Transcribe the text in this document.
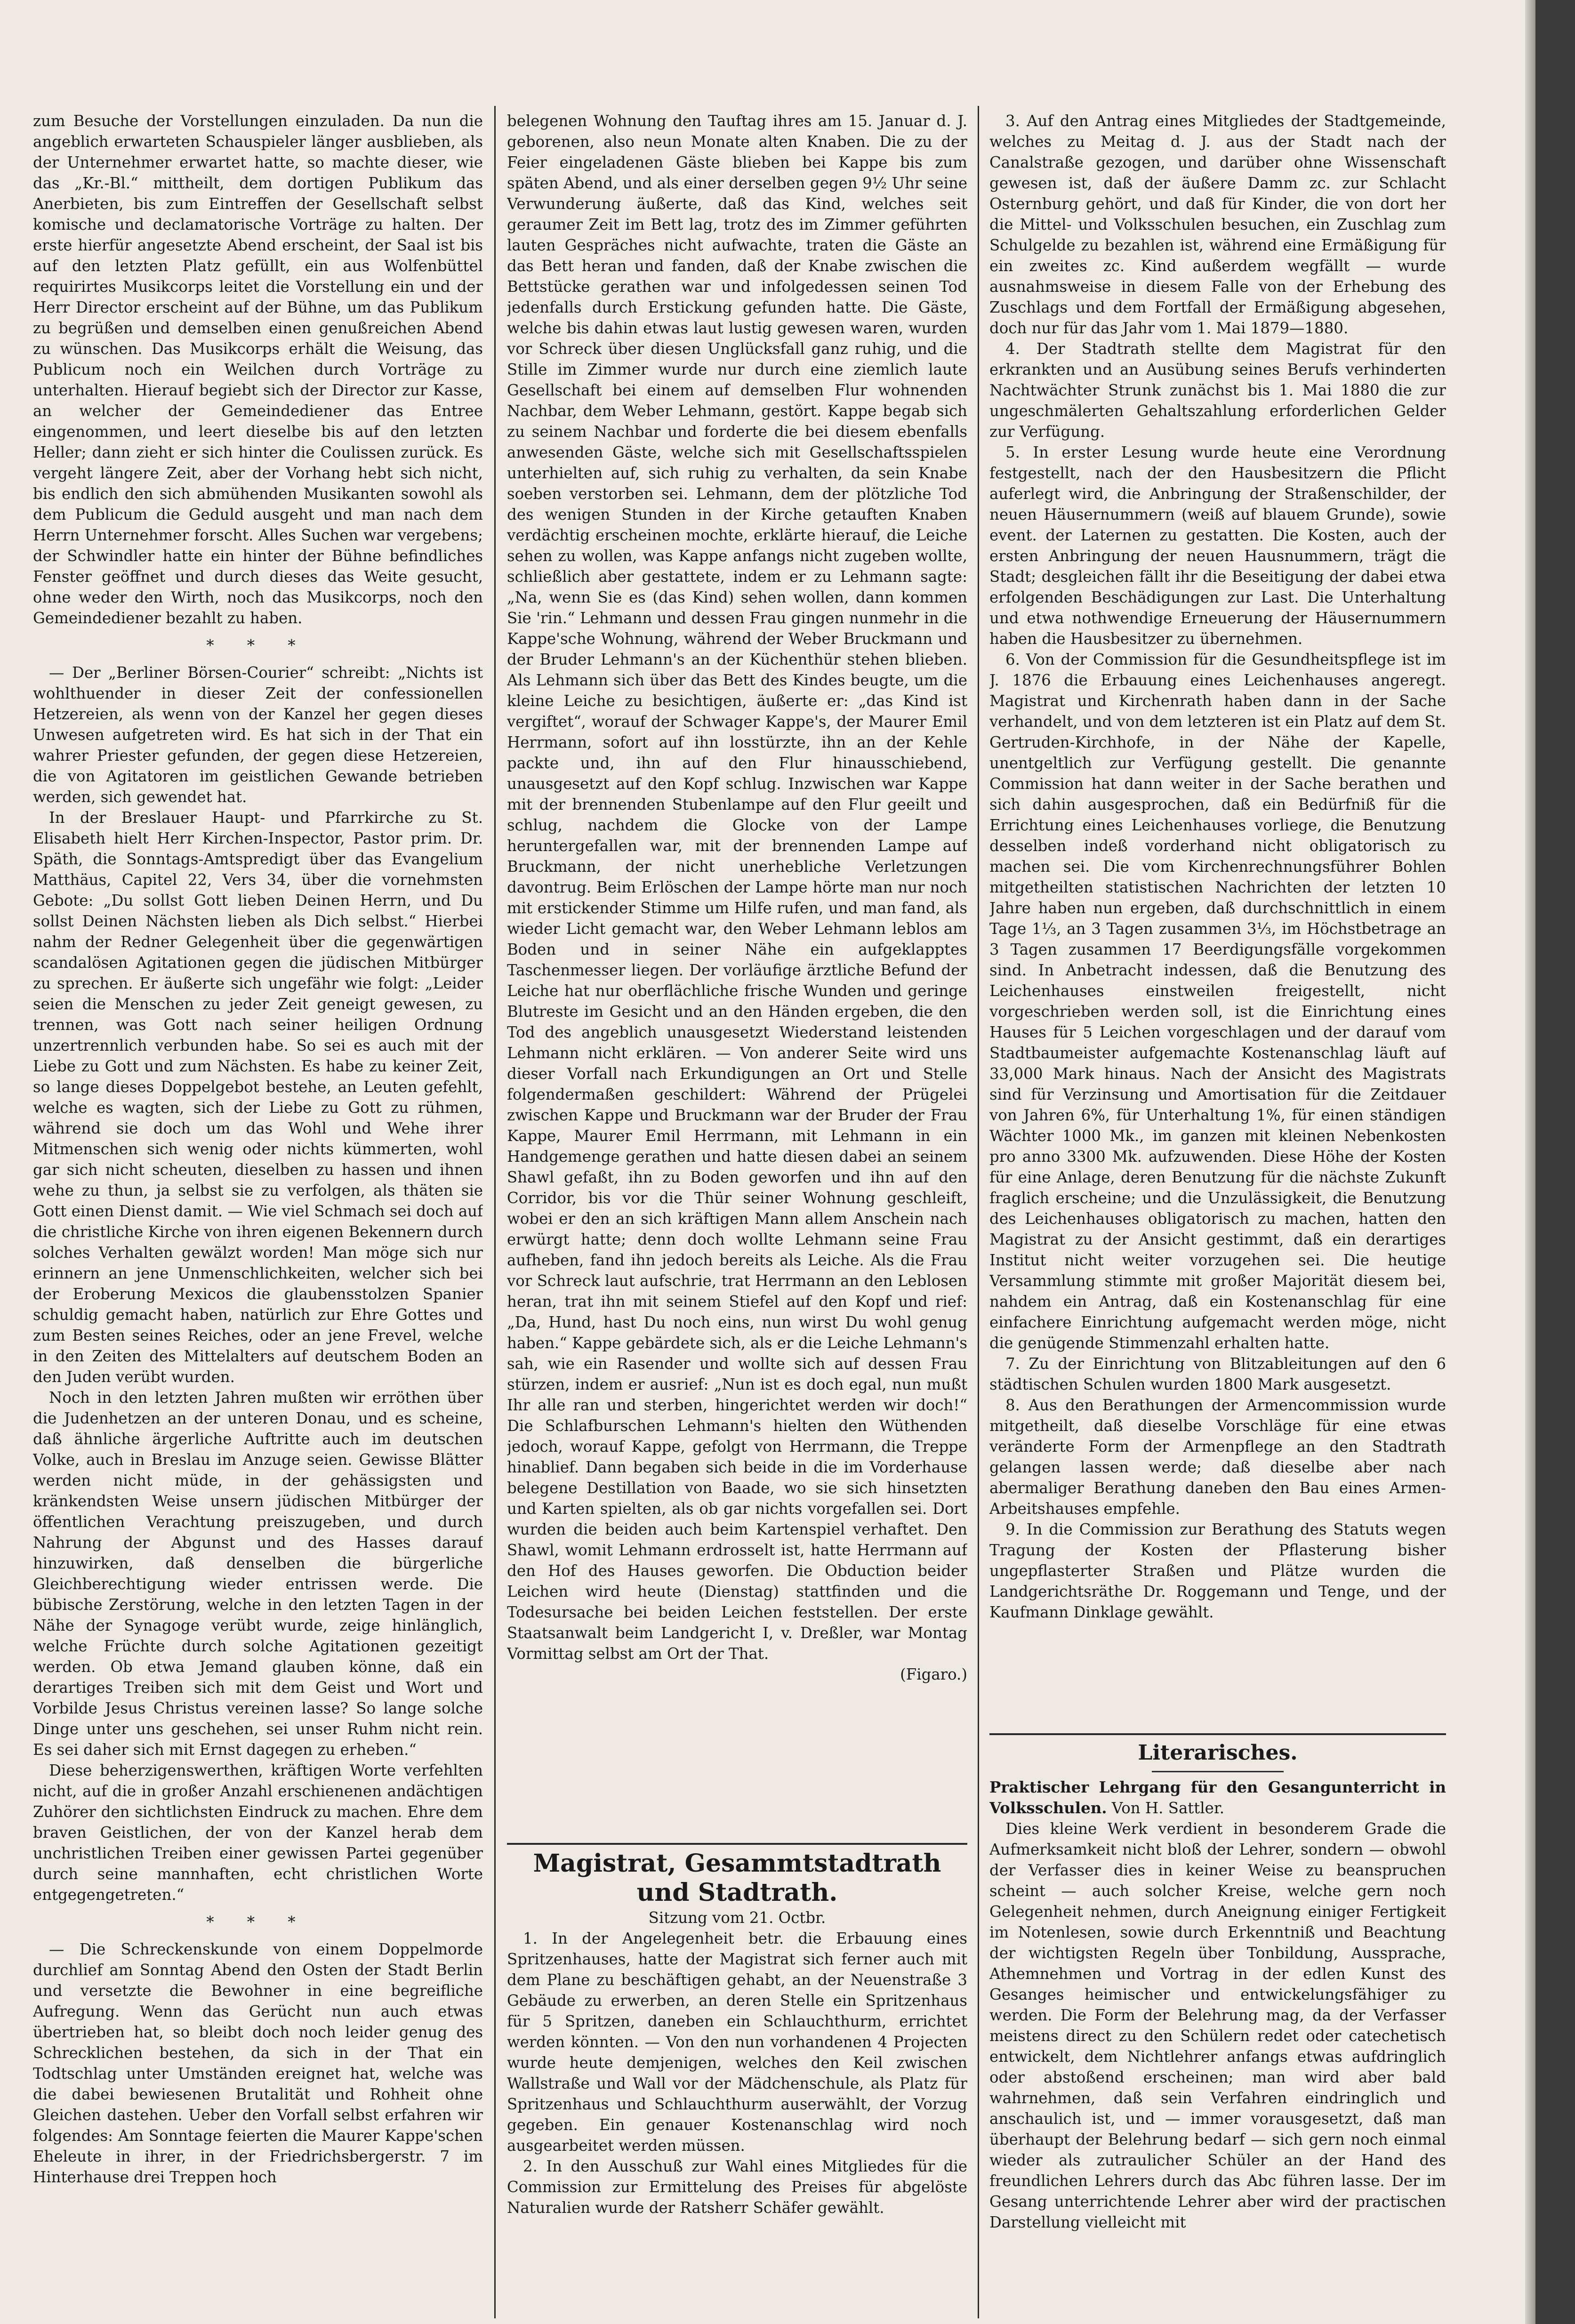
zum Besuche der Vorstellungen einzuladen. Da nun die angeblich erwarteten Schauspieler länger ausblieben, als der Unternehmer erwartet hatte, so machte dieser, wie das „Kr.-Bl.“ mittheilt, dem dortigen Publikum das Anerbieten, bis zum Eintreffen der Gesellschaft selbst komische und declamatorische Vorträge zu halten. Der erste hierfür angesetzte Abend erscheint, der Saal ist bis auf den letzten Platz gefüllt, ein aus Wolfenbüttel requirirtes Musikcorps leitet die Vorstellung ein und der Herr Director erscheint auf der Bühne, um das Publikum zu begrüßen und demselben einen genußreichen Abend zu wünschen. Das Musikcorps erhält die Weisung, das Publicum noch ein Weilchen durch Vorträge zu unterhalten. Hierauf begiebt sich der Director zur Kasse, an welcher der Gemeindediener das Entree eingenommen, und leert dieselbe bis auf den letzten Heller; dann zieht er sich hinter die Coulissen zurück. Es vergeht längere Zeit, aber der Vorhang hebt sich nicht, bis endlich den sich abmühenden Musikanten sowohl als dem Publicum die Geduld ausgeht und man nach dem Herrn Unternehmer forscht. Alles Suchen war vergebens; der Schwindler hatte ein hinter der Bühne befindliches Fenster geöffnet und durch dieses das Weite gesucht, ohne weder den Wirth, noch das Musikcorps, noch den Gemeindediener bezahlt zu haben.

* * *

— Der „Berliner Börsen-Courier“ schreibt: „Nichts ist wohlthuender in dieser Zeit der confessionellen Hetzereien, als wenn von der Kanzel her gegen dieses Unwesen aufgetreten wird. Es hat sich in der That ein wahrer Priester gefunden, der gegen diese Hetzereien, die von Agitatoren im geistlichen Gewande betrieben werden, sich gewendet hat.

In der Breslauer Haupt- und Pfarrkirche zu St. Elisabeth hielt Herr Kirchen-Inspector, Pastor prim. Dr. Späth, die Sonntags-Amtspredigt über das Evangelium Matthäus, Capitel 22, Vers 34, über die vornehmsten Gebote: „Du sollst Gott lieben Deinen Herrn, und Du sollst Deinen Nächsten lieben als Dich selbst.“ Hierbei nahm der Redner Gelegenheit über die gegenwärtigen scandalösen Agitationen gegen die jüdischen Mitbürger zu sprechen. Er äußerte sich ungefähr wie folgt: „Leider seien die Menschen zu jeder Zeit geneigt gewesen, zu trennen, was Gott nach seiner heiligen Ordnung unzertrennlich verbunden habe. So sei es auch mit der Liebe zu Gott und zum Nächsten. Es habe zu keiner Zeit, so lange dieses Doppelgebot bestehe, an Leuten gefehlt, welche es wagten, sich der Liebe zu Gott zu rühmen, während sie doch um das Wohl und Wehe ihrer Mitmenschen sich wenig oder nichts kümmerten, wohl gar sich nicht scheuten, dieselben zu hassen und ihnen wehe zu thun, ja selbst sie zu verfolgen, als thäten sie Gott einen Dienst damit. — Wie viel Schmach sei doch auf die christliche Kirche von ihren eigenen Bekennern durch solches Verhalten gewälzt worden! Man möge sich nur erinnern an jene Unmenschlichkeiten, welcher sich bei der Eroberung Mexicos die glaubensstolzen Spanier schuldig gemacht haben, natürlich zur Ehre Gottes und zum Besten seines Reiches, oder an jene Frevel, welche in den Zeiten des Mittelalters auf deutschem Boden an den Juden verübt wurden.

Noch in den letzten Jahren mußten wir erröthen über die Judenhetzen an der unteren Donau, und es scheine, daß ähnliche ärgerliche Auftritte auch im deutschen Volke, auch in Breslau im Anzuge seien. Gewisse Blätter werden nicht müde, in der gehässigsten und kränkendsten Weise unsern jüdischen Mitbürger der öffentlichen Verachtung preiszugeben, und durch Nahrung der Abgunst und des Hasses darauf hinzuwirken, daß denselben die bürgerliche Gleichberechtigung wieder entrissen werde. Die bübische Zerstörung, welche in den letzten Tagen in der Nähe der Synagoge verübt wurde, zeige hinlänglich, welche Früchte durch solche Agitationen gezeitigt werden. Ob etwa Jemand glauben könne, daß ein derartiges Treiben sich mit dem Geist und Wort und Vorbilde Jesus Christus vereinen lasse? So lange solche Dinge unter uns geschehen, sei unser Ruhm nicht rein. Es sei daher sich mit Ernst dagegen zu erheben.“

Diese beherzigenswerthen, kräftigen Worte verfehlten nicht, auf die in großer Anzahl erschienenen andächtigen Zuhörer den sichtlichsten Eindruck zu machen. Ehre dem braven Geistlichen, der von der Kanzel herab dem unchristlichen Treiben einer gewissen Partei gegenüber durch seine mannhaften, echt christlichen Worte entgegengetreten.“

* * *

— Die Schreckenskunde von einem Doppelmorde durchlief am Sonntag Abend den Osten der Stadt Berlin und versetzte die Bewohner in eine begreifliche Aufregung. Wenn das Gerücht nun auch etwas übertrieben hat, so bleibt doch noch leider genug des Schrecklichen bestehen, da sich in der That ein Todtschlag unter Umständen ereignet hat, welche was die dabei bewiesenen Brutalität und Rohheit ohne Gleichen dastehen. Ueber den Vorfall selbst erfahren wir folgendes: Am Sonntage feierten die Maurer Kappe'schen Eheleute in ihrer, in der Friedrichsbergerstr. 7 im Hinterhause drei Treppen hoch

belegenen Wohnung den Tauftag ihres am 15. Januar d. J. geborenen, also neun Monate alten Knaben. Die zu der Feier eingeladenen Gäste blieben bei Kappe bis zum späten Abend, und als einer derselben gegen 9½ Uhr seine Verwunderung äußerte, daß das Kind, welches seit geraumer Zeit im Bett lag, trotz des im Zimmer geführten lauten Gespräches nicht aufwachte, traten die Gäste an das Bett heran und fanden, daß der Knabe zwischen die Bettstücke gerathen war und infolgedessen seinen Tod jedenfalls durch Erstickung gefunden hatte. Die Gäste, welche bis dahin etwas laut lustig gewesen waren, wurden vor Schreck über diesen Unglücksfall ganz ruhig, und die Stille im Zimmer wurde nur durch eine ziemlich laute Gesellschaft bei einem auf demselben Flur wohnenden Nachbar, dem Weber Lehmann, gestört. Kappe begab sich zu seinem Nachbar und forderte die bei diesem ebenfalls anwesenden Gäste, welche sich mit Gesellschaftsspielen unterhielten auf, sich ruhig zu verhalten, da sein Knabe soeben verstorben sei. Lehmann, dem der plötzliche Tod des wenigen Stunden in der Kirche getauften Knaben verdächtig erscheinen mochte, erklärte hierauf, die Leiche sehen zu wollen, was Kappe anfangs nicht zugeben wollte, schließlich aber gestattete, indem er zu Lehmann sagte: „Na, wenn Sie es (das Kind) sehen wollen, dann kommen Sie 'rin.“ Lehmann und dessen Frau gingen nunmehr in die Kappe'sche Wohnung, während der Weber Bruckmann und der Bruder Lehmann's an der Küchenthür stehen blieben. Als Lehmann sich über das Bett des Kindes beugte, um die kleine Leiche zu besichtigen, äußerte er: „das Kind ist vergiftet“, worauf der Schwager Kappe's, der Maurer Emil Herrmann, sofort auf ihn losstürzte, ihn an der Kehle packte und, ihn auf den Flur hinausschiebend, unausgesetzt auf den Kopf schlug. Inzwischen war Kappe mit der brennenden Stubenlampe auf den Flur geeilt und schlug, nachdem die Glocke von der Lampe heruntergefallen war, mit der brennenden Lampe auf Bruckmann, der nicht unerhebliche Verletzungen davontrug. Beim Erlöschen der Lampe hörte man nur noch mit erstickender Stimme um Hilfe rufen, und man fand, als wieder Licht gemacht war, den Weber Lehmann leblos am Boden und in seiner Nähe ein aufgeklapptes Taschenmesser liegen. Der vorläufige ärztliche Befund der Leiche hat nur oberflächliche frische Wunden und geringe Blutreste im Gesicht und an den Händen ergeben, die den Tod des angeblich unausgesetzt Wiederstand leistenden Lehmann nicht erklären. — Von anderer Seite wird uns dieser Vorfall nach Erkundigungen an Ort und Stelle folgendermaßen geschildert: Während der Prügelei zwischen Kappe und Bruckmann war der Bruder der Frau Kappe, Maurer Emil Herrmann, mit Lehmann in ein Handgemenge gerathen und hatte diesen dabei an seinem Shawl gefaßt, ihn zu Boden geworfen und ihn auf den Corridor, bis vor die Thür seiner Wohnung geschleift, wobei er den an sich kräftigen Mann allem Anschein nach erwürgt hatte; denn doch wollte Lehmann seine Frau aufheben, fand ihn jedoch bereits als Leiche. Als die Frau vor Schreck laut aufschrie, trat Herrmann an den Leblosen heran, trat ihn mit seinem Stiefel auf den Kopf und rief: „Da, Hund, hast Du noch eins, nun wirst Du wohl genug haben.“ Kappe gebärdete sich, als er die Leiche Lehmann's sah, wie ein Rasender und wollte sich auf dessen Frau stürzen, indem er ausrief: „Nun ist es doch egal, nun mußt Ihr alle ran und sterben, hingerichtet werden wir doch!“ Die Schlafburschen Lehmann's hielten den Wüthenden jedoch, worauf Kappe, gefolgt von Herrmann, die Treppe hinablief. Dann begaben sich beide in die im Vorderhause belegene Destillation von Baade, wo sie sich hinsetzten und Karten spielten, als ob gar nichts vorgefallen sei. Dort wurden die beiden auch beim Kartenspiel verhaftet. Den Shawl, womit Lehmann erdrosselt ist, hatte Herrmann auf den Hof des Hauses geworfen. Die Obduction beider Leichen wird heute (Dienstag) stattfinden und die Todesursache bei beiden Leichen feststellen. Der erste Staatsanwalt beim Landgericht I, v. Dreßler, war Montag Vormittag selbst am Ort der That.

(Figaro.)
Magistrat, Gesammtstadtrath und Stadtrath.
Sitzung vom 21. Octbr.

1. In der Angelegenheit betr. die Erbauung eines Spritzenhauses, hatte der Magistrat sich ferner auch mit dem Plane zu beschäftigen gehabt, an der Neuenstraße 3 Gebäude zu erwerben, an deren Stelle ein Spritzenhaus für 5 Spritzen, daneben ein Schlauchthurm, errichtet werden könnten. — Von den nun vorhandenen 4 Projecten wurde heute demjenigen, welches den Keil zwischen Wallstraße und Wall vor der Mädchenschule, als Platz für Spritzenhaus und Schlauchthurm auserwählt, der Vorzug gegeben. Ein genauer Kostenanschlag wird noch ausgearbeitet werden müssen.

2. In den Ausschuß zur Wahl eines Mitgliedes für die Commission zur Ermittelung des Preises für abgelöste Naturalien wurde der Ratsherr Schäfer gewählt.

3. Auf den Antrag eines Mitgliedes der Stadtgemeinde, welches zu Meitag d. J. aus der Stadt nach der Canalstraße gezogen, und darüber ohne Wissenschaft gewesen ist, daß der äußere Damm zc. zur Schlacht Osternburg gehört, und daß für Kinder, die von dort her die Mittel- und Volksschulen besuchen, ein Zuschlag zum Schulgelde zu bezahlen ist, während eine Ermäßigung für ein zweites zc. Kind außerdem wegfällt — wurde ausnahmsweise in diesem Falle von der Erhebung des Zuschlags und dem Fortfall der Ermäßigung abgesehen, doch nur für das Jahr vom 1. Mai 1879—1880.

4. Der Stadtrath stellte dem Magistrat für den erkrankten und an Ausübung seines Berufs verhinderten Nachtwächter Strunk zunächst bis 1. Mai 1880 die zur ungeschmälerten Gehaltszahlung erforderlichen Gelder zur Verfügung.

5. In erster Lesung wurde heute eine Verordnung festgestellt, nach der den Hausbesitzern die Pflicht auferlegt wird, die Anbringung der Straßenschilder, der neuen Häusernummern (weiß auf blauem Grunde), sowie event. der Laternen zu gestatten. Die Kosten, auch der ersten Anbringung der neuen Hausnummern, trägt die Stadt; desgleichen fällt ihr die Beseitigung der dabei etwa erfolgenden Beschädigungen zur Last. Die Unterhaltung und etwa nothwendige Erneuerung der Häusernummern haben die Hausbesitzer zu übernehmen.

6. Von der Commission für die Gesundheitspflege ist im J. 1876 die Erbauung eines Leichenhauses angeregt. Magistrat und Kirchenrath haben dann in der Sache verhandelt, und von dem letzteren ist ein Platz auf dem St. Gertruden-Kirchhofe, in der Nähe der Kapelle, unentgeltlich zur Verfügung gestellt. Die genannte Commission hat dann weiter in der Sache berathen und sich dahin ausgesprochen, daß ein Bedürfniß für die Errichtung eines Leichenhauses vorliege, die Benutzung desselben indeß vorderhand nicht obligatorisch zu machen sei. Die vom Kirchenrechnungsführer Bohlen mitgetheilten statistischen Nachrichten der letzten 10 Jahre haben nun ergeben, daß durchschnittlich in einem Tage 1⅓, an 3 Tagen zusammen 3⅓, im Höchstbetrage an 3 Tagen zusammen 17 Beerdigungsfälle vorgekommen sind. In Anbetracht indessen, daß die Benutzung des Leichenhauses einstweilen freigestellt, nicht vorgeschrieben werden soll, ist die Einrichtung eines Hauses für 5 Leichen vorgeschlagen und der darauf vom Stadtbaumeister aufgemachte Kostenanschlag läuft auf 33,000 Mark hinaus. Nach der Ansicht des Magistrats sind für Verzinsung und Amortisation für die Zeitdauer von Jahren 6%, für Unterhaltung 1%, für einen ständigen Wächter 1000 Mk., im ganzen mit kleinen Nebenkosten pro anno 3300 Mk. aufzuwenden. Diese Höhe der Kosten für eine Anlage, deren Benutzung für die nächste Zukunft fraglich erscheine; und die Unzulässigkeit, die Benutzung des Leichenhauses obligatorisch zu machen, hatten den Magistrat zu der Ansicht gestimmt, daß ein derartiges Institut nicht weiter vorzugehen sei. Die heutige Versammlung stimmte mit großer Majorität diesem bei, nahdem ein Antrag, daß ein Kostenanschlag für eine einfachere Einrichtung aufgemacht werden möge, nicht die genügende Stimmenzahl erhalten hatte.

7. Zu der Einrichtung von Blitzableitungen auf den 6 städtischen Schulen wurden 1800 Mark ausgesetzt.

8. Aus den Berathungen der Armencommission wurde mitgetheilt, daß dieselbe Vorschläge für eine etwas veränderte Form der Armenpflege an den Stadtrath gelangen lassen werde; daß dieselbe aber nach abermaliger Berathung daneben den Bau eines Armen-Arbeitshauses empfehle.

9. In die Commission zur Berathung des Statuts wegen Tragung der Kosten der Pflasterung bisher ungepflasterter Straßen und Plätze wurden die Landgerichtsräthe Dr. Roggemann und Tenge, und der Kaufmann Dinklage gewählt.

Literarisches.

Praktischer Lehrgang für den Gesangunterricht in Volksschulen. Von H. Sattler.

Dies kleine Werk verdient in besonderem Grade die Aufmerksamkeit nicht bloß der Lehrer, sondern — obwohl der Verfasser dies in keiner Weise zu beanspruchen scheint — auch solcher Kreise, welche gern noch Gelegenheit nehmen, durch Aneignung einiger Fertigkeit im Notenlesen, sowie durch Erkenntniß und Beachtung der wichtigsten Regeln über Tonbildung, Aussprache, Athemnehmen und Vortrag in der edlen Kunst des Gesanges heimischer und entwickelungsfähiger zu werden. Die Form der Belehrung mag, da der Verfasser meistens direct zu den Schülern redet oder catechetisch entwickelt, dem Nichtlehrer anfangs etwas aufdringlich oder abstoßend erscheinen; man wird aber bald wahrnehmen, daß sein Verfahren eindringlich und anschaulich ist, und — immer vorausgesetzt, daß man überhaupt der Belehrung bedarf — sich gern noch einmal wieder als zutraulicher Schüler an der Hand des freundlichen Lehrers durch das Abc führen lasse. Der im Gesang unterrichtende Lehrer aber wird der practischen Darstellung vielleicht mit
